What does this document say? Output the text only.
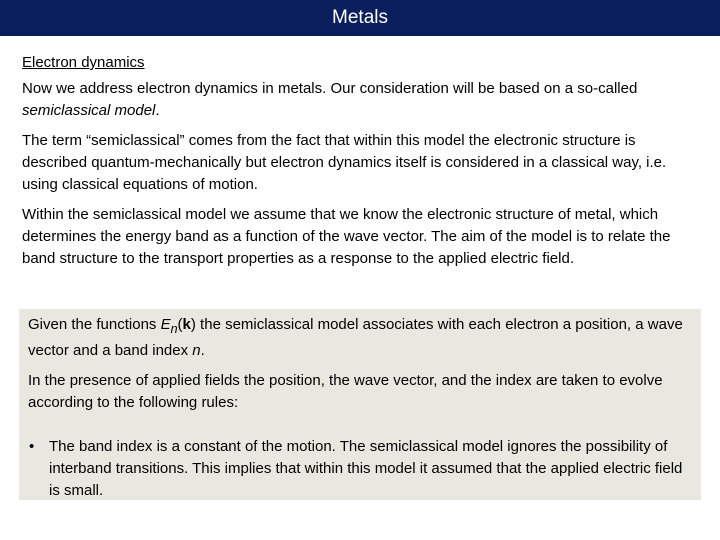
Metals

Electron dynamics

Now we address electron dynamics in metals. Our consideration will be based on a so-called semiclassical model.

The term “semiclassical” comes from the fact that within this model the electronic structure is described quantum-mechanically but electron dynamics itself is considered in a classical way, i.e. using classical equations of motion.

Within the semiclassical model we assume that we know the electronic structure of metal, which determines the energy band as a function of the wave vector. The aim of the model is to relate the band structure to the transport properties as a response to the applied electric field.

Given the functions $E_n(k)$ the semiclassical model associates with each electron a position, a wave vector and a band index n.

In the presence of applied fields the position, the wave vector, and the index are taken to evolve according to the following rules:

• The band index is a constant of the motion. The semiclassical model ignores the possibility of interband transitions. This implies that within this model it assumed that the applied electric field is small.
